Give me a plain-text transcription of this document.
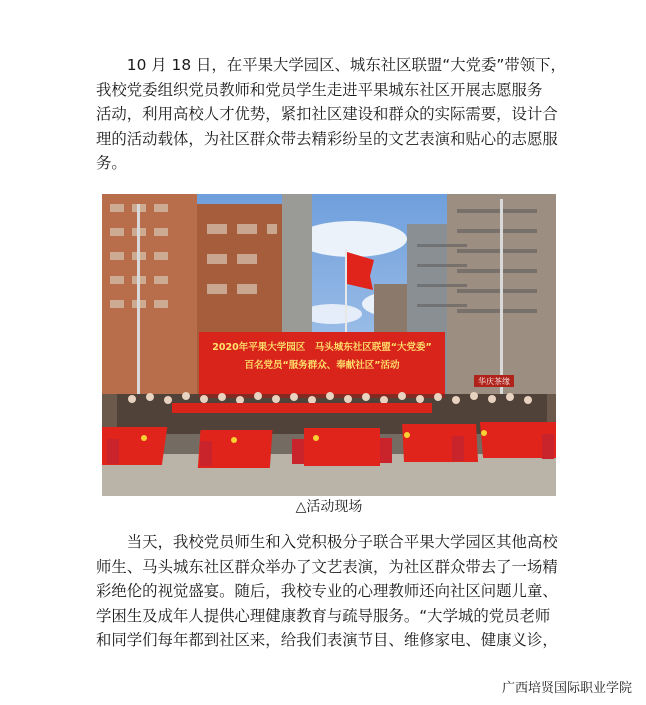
　　10 月 18 日，在平果大学园区、城东社区联盟“大党委”带领下，
我校党委组织党员教师和党员学生走进平果城东社区开展志愿服务
活动，利用高校人才优势，紧扣社区建设和群众的实际需要，设计合
理的活动载体，为社区群众带去精彩纷呈的文艺表演和贴心的志愿服
务。
华庆茶缘
2020年平果大学园区　马头城东社区联盟“大党委”
百名党员“服务群众、奉献社区”活动
△活动现场
　　当天，我校党员师生和入党积极分子联合平果大学园区其他高校
师生、马头城东社区群众举办了文艺表演，为社区群众带去了一场精
彩绝伦的视觉盛宴。随后，我校专业的心理教师还向社区问题儿童、
学困生及成年人提供心理健康教育与疏导服务。“大学城的党员老师
和同学们每年都到社区来，给我们表演节目、维修家电、健康义诊，
广西培贤国际职业学院
